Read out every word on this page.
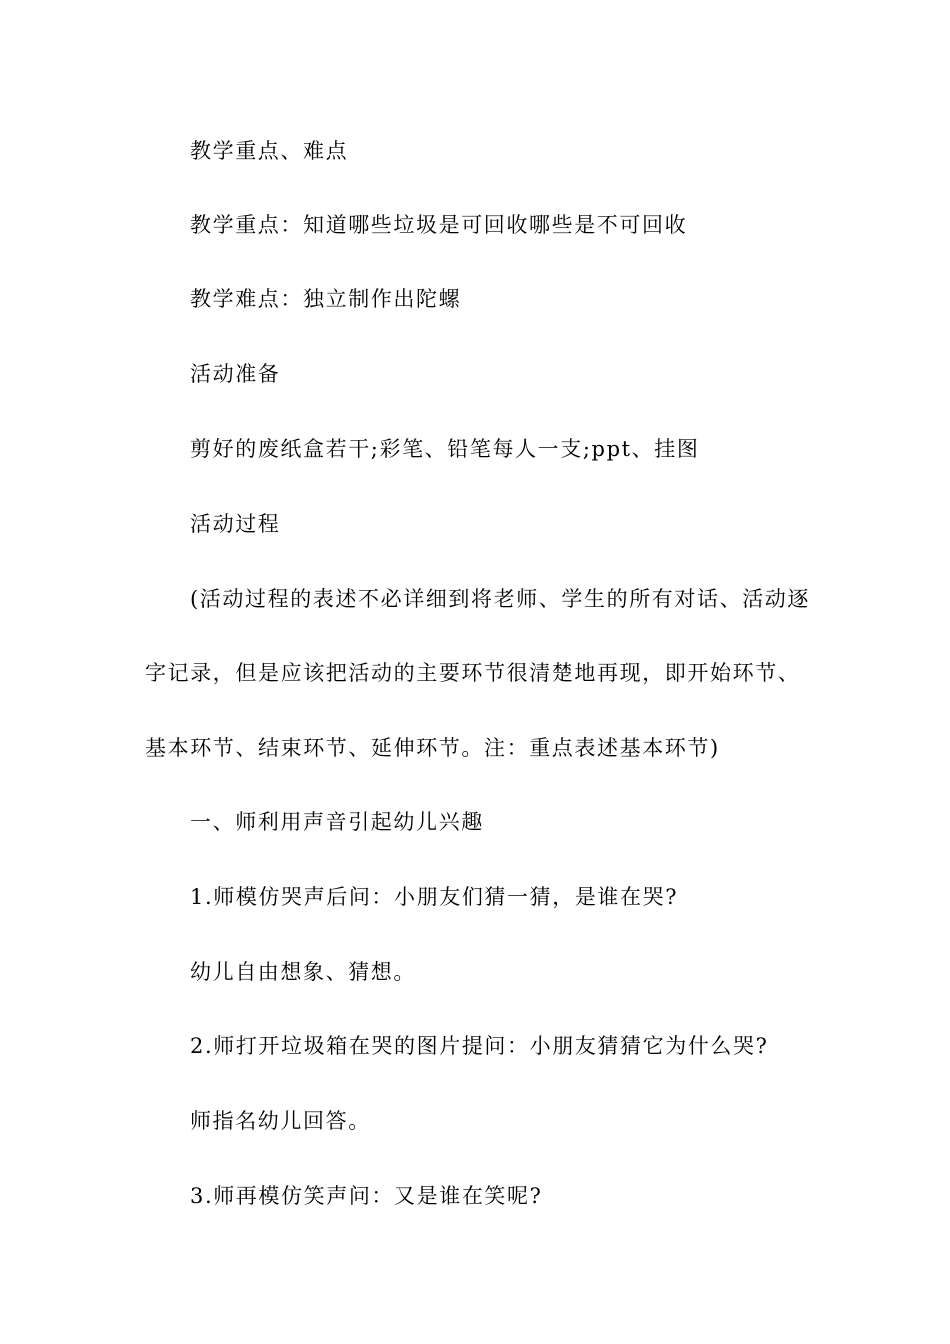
教学重点、难点
教学重点：知道哪些垃圾是可回收哪些是不可回收
教学难点：独立制作出陀螺
活动准备
剪好的废纸盒若干;彩笔、铅笔每人一支;ppt、挂图
活动过程
(活动过程的表述不必详细到将老师、学生的所有对话、活动逐
字记录，但是应该把活动的主要环节很清楚地再现，即开始环节、
基本环节、结束环节、延伸环节。注：重点表述基本环节)
一、师利用声音引起幼儿兴趣
1.师模仿哭声后问：小朋友们猜一猜，是谁在哭?
幼儿自由想象、猜想。
2.师打开垃圾箱在哭的图片提问：小朋友猜猜它为什么哭?
师指名幼儿回答。
3.师再模仿笑声问：又是谁在笑呢?
